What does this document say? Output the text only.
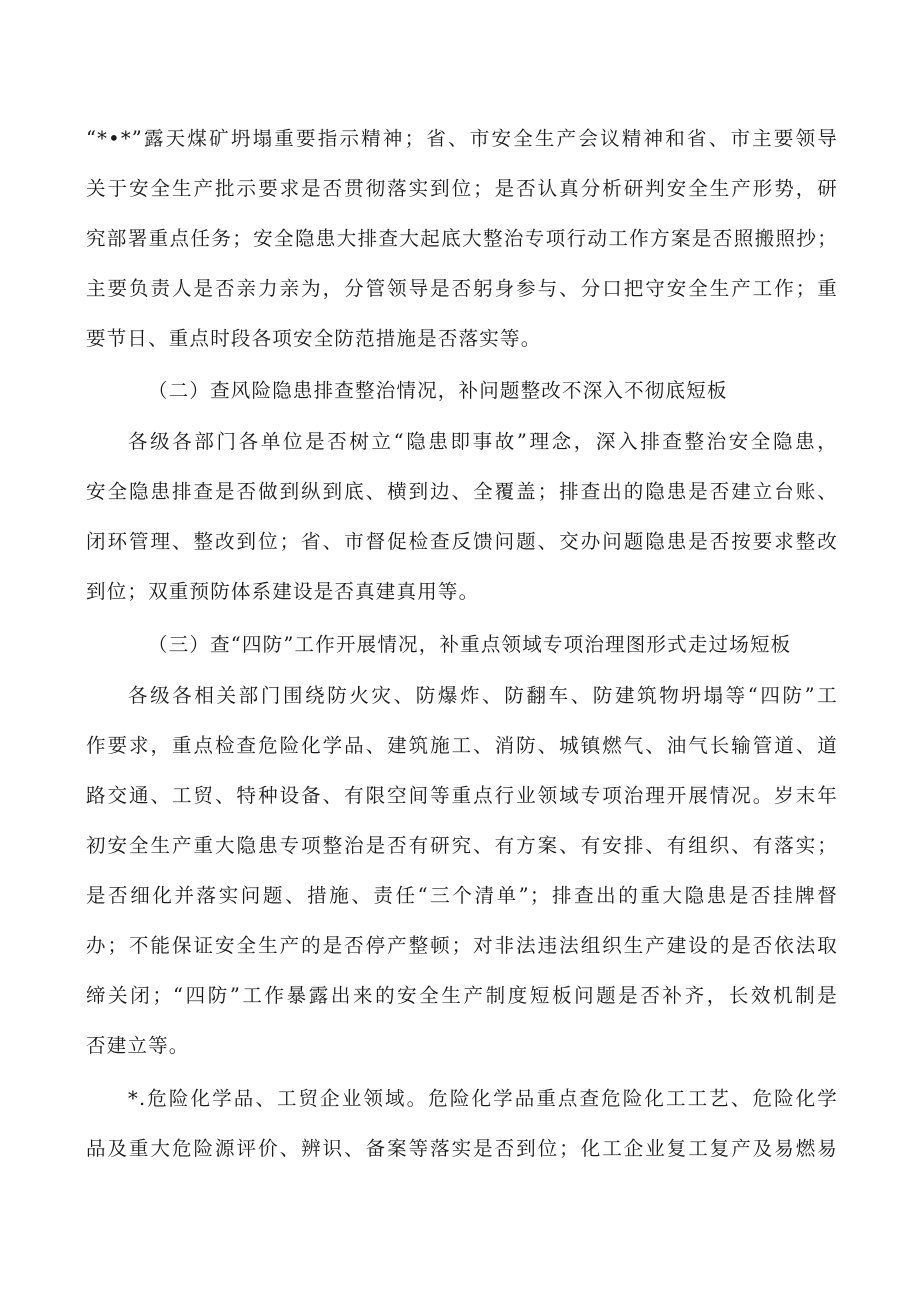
“*•*”露天煤矿坍塌重要指示精神；省、市安全生产会议精神和省、市主要领导
关于安全生产批示要求是否贯彻落实到位；是否认真分析研判安全生产形势，研
究部署重点任务；安全隐患大排查大起底大整治专项行动工作方案是否照搬照抄；
主要负责人是否亲力亲为，分管领导是否躬身参与、分口把守安全生产工作；重
要节日、重点时段各项安全防范措施是否落实等。
（二）查风险隐患排查整治情况，补问题整改不深入不彻底短板
各级各部门各单位是否树立“隐患即事故”理念，深入排查整治安全隐患，
安全隐患排查是否做到纵到底、横到边、全覆盖；排查出的隐患是否建立台账、
闭环管理、整改到位；省、市督促检查反馈问题、交办问题隐患是否按要求整改
到位；双重预防体系建设是否真建真用等。
（三）查“四防”工作开展情况，补重点领域专项治理图形式走过场短板
各级各相关部门围绕防火灾、防爆炸、防翻车、防建筑物坍塌等“四防”工
作要求，重点检查危险化学品、建筑施工、消防、城镇燃气、油气长输管道、道
路交通、工贸、特种设备、有限空间等重点行业领域专项治理开展情况。岁末年
初安全生产重大隐患专项整治是否有研究、有方案、有安排、有组织、有落实；
是否细化并落实问题、措施、责任“三个清单”；排查出的重大隐患是否挂牌督
办；不能保证安全生产的是否停产整顿；对非法违法组织生产建设的是否依法取
缔关闭；“四防”工作暴露出来的安全生产制度短板问题是否补齐，长效机制是
否建立等。
*.危险化学品、工贸企业领域。危险化学品重点查危险化工工艺、危险化学
品及重大危险源评价、辨识、备案等落实是否到位；化工企业复工复产及易燃易
